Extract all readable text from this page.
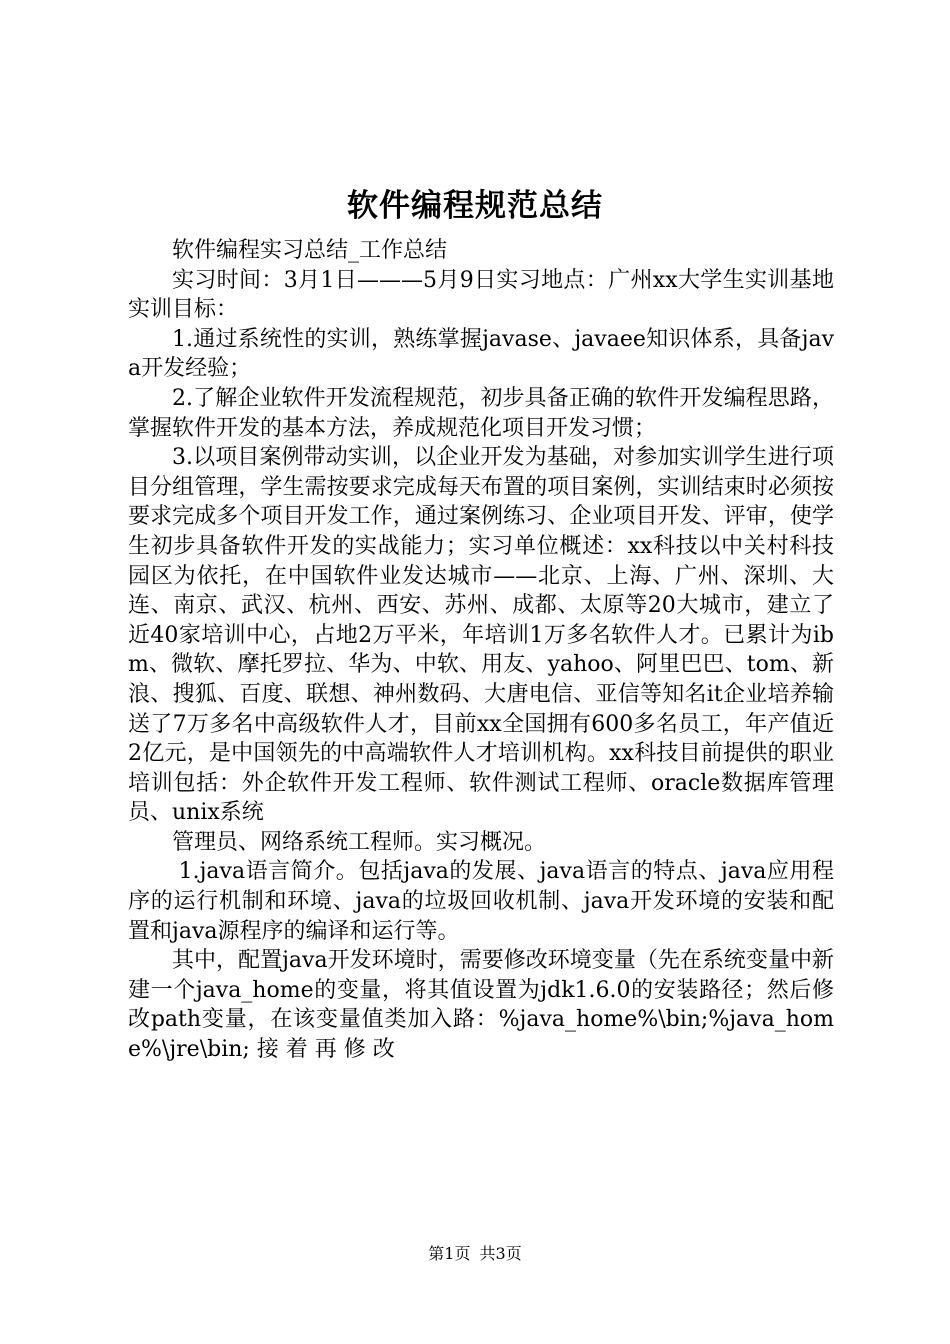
软件编程规范总结

软件编程实习总结_工作总结

实习时间：3月1日———5月9日实习地点：广州xx大学生实训基地实训目标：

1.通过系统性的实训，熟练掌握javase、javaee知识体系，具备java开发经验；

2.了解企业软件开发流程规范，初步具备正确的软件开发编程思路，掌握软件开发的基本方法，养成规范化项目开发习惯；

3.以项目案例带动实训，以企业开发为基础，对参加实训学生进行项目分组管理，学生需按要求完成每天布置的项目案例，实训结束时必须按要求完成多个项目开发工作，通过案例练习、企业项目开发、评审，使学生初步具备软件开发的实战能力；实习单位概述：xx科技以中关村科技园区为依托，在中国软件业发达城市——北京、上海、广州、深圳、大连、南京、武汉、杭州、西安、苏州、成都、太原等20大城市，建立了近40家培训中心，占地2万平米，年培训1万多名软件人才。已累计为ibm、微软、摩托罗拉、华为、中软、用友、yahoo、阿里巴巴、tom、新浪、搜狐、百度、联想、神州数码、大唐电信、亚信等知名it企业培养输送了7万多名中高级软件人才，目前xx全国拥有600多名员工，年产值近2亿元，是中国领先的中高端软件人才培训机构。xx科技目前提供的职业培训包括：外企软件开发工程师、软件测试工程师、oracle数据库管理员、unix系统

管理员、网络系统工程师。实习概况。

1.java语言简介。包括java的发展、java语言的特点、java应用程序的运行机制和环境、java的垃圾回收机制、java开发环境的安装和配置和java源程序的编译和运行等。

其中，配置java开发环境时，需要修改环境变量（先在系统变量中新建一个java_home的变量，将其值设置为jdk1.6.0的安装路径；然后修改path变量，在该变量值类加入路：%java_home%\bin;%java_home%\jre\bin; 接 着 再 修 改

第1页 共3页
